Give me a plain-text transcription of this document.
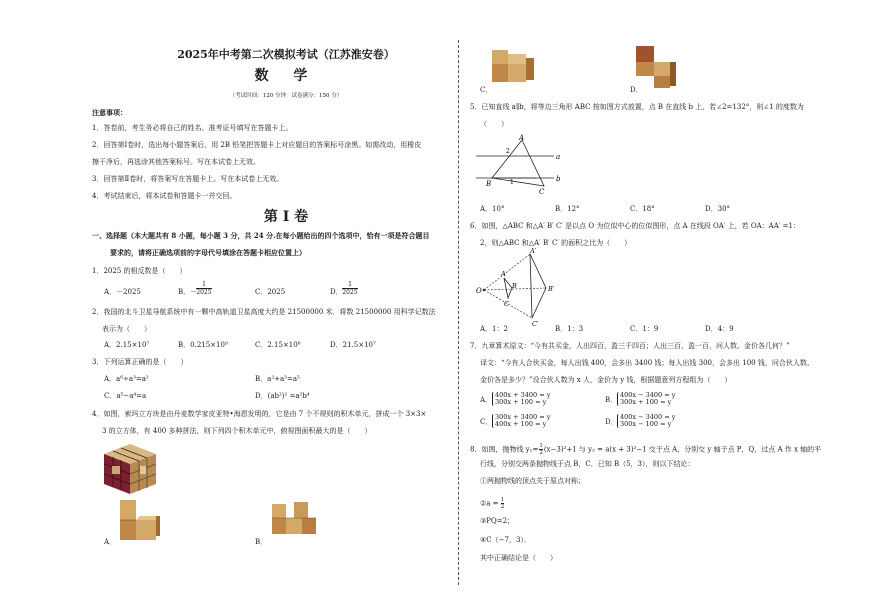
2025年中考第二次模拟考试（江苏淮安卷）
数 学
（考试时间：120 分钟　试卷满分：150 分）
注意事项：
1．答卷前，考生务必将自己的姓名、准考证号填写在答题卡上。
2．回答第Ⅰ卷时，选出每小题答案后，用 2B 铅笔把答题卡上对应题目的答案标号涂黑。如需改动，用橡皮
擦干净后，再选涂其他答案标号。写在本试卷上无效。
3．回答第Ⅱ卷时，将答案写在答题卡上。写在本试卷上无效。
4．考试结束后，将本试卷和答题卡一并交回。
第 I 卷
一、选择题（本大题共有 8 小题，每小题 3 分，共 24 分.在每小题给出的四个选项中，恰有一项是符合题目
要求的，请将正确选项前的字母代号填涂在答题卡相应位置上）
1．2025 的相反数是（　　）
A．－2025	B．－
1
2025	C．2025	D．
1
2025
2．我国的北斗卫星导航系统中有一颗中高轨道卫星高度大约是 21500000 米．将数 21500000 用科学记数法
表示为（　　）
A．2.15×10⁷	B．0.215×10⁹	C．2.15×10⁸	D．21.5×10⁷
3．下列运算正确的是（　　）
A．a⁶÷a³=a²	B．a²+a³=a⁵
C．a⁵−a⁴=a	D．(ab²)² =a²b⁴
4．如图，索玛立方块是由丹麦数学家皮亚特•海恩发明的，它是由 7 个不规则的积木单元，拼成一个 3×3×
3 的立方体，有 400 多种拼法，则下列四个积木单元中，俯视图面积最大的是（　　）
A．	B．
C．	D．
5．已知直线 a∥b，将等边三角形 ABC 按如图方式放置，点 B 在直线 b 上，若∠2=132°，则∠1 的度数为
（　　）
A
B
C
a
b
2
1
A．10°	B．12°	C．18°	D．30°
6．如图，△ABC 和△A′ B′ C′ 是以点 O 为位似中心的位似图形，点 A 在线段 OA′ 上，若 OA：AA′ =1：
2，则△ABC 和△A′ B′ C′ 的面积之比为（　　）
O
A
B
C
A′
B′
C′
A．1：2	B．1：3	C．1：9	D．4：9
7．九章算术原文：“今有共买金，人出四百，盈三千四百；人出三百，盈一百，问人数、金价各几何？”
译文：“今有人合伙买金，每人出钱 400，会多出 3400 钱；每人出钱 300，会多出 100 钱，问合伙人数、
金价各是多少？”设合伙人数为 x 人，金价为 y 钱，根据题意列方程组为（　　）
A．
400x + 3400 = y
300x + 100 = y	B．
400x − 3400 = y
300x + 100 = y
C．
300x + 3400 = y
400x + 100 = y	D．
400x − 3400 = y
300x − 100 = y
8．如图，抛物线 $y_1= \frac{1}{2} (x-3)^2+1$ 与 y₂ = a(x + 3)²−1 交于点 A，分别交 y 轴于点 P，Q，过点 A 作 x 轴的平
行线，分别交两条抛物线于点 B，C．已知 B（5，3），则以下结论：
①两抛物线的顶点关于原点对称；
②a = $\frac{1}{2}$
③PQ=2；
④C（−7，3）．
其中正确结论是（　　）
